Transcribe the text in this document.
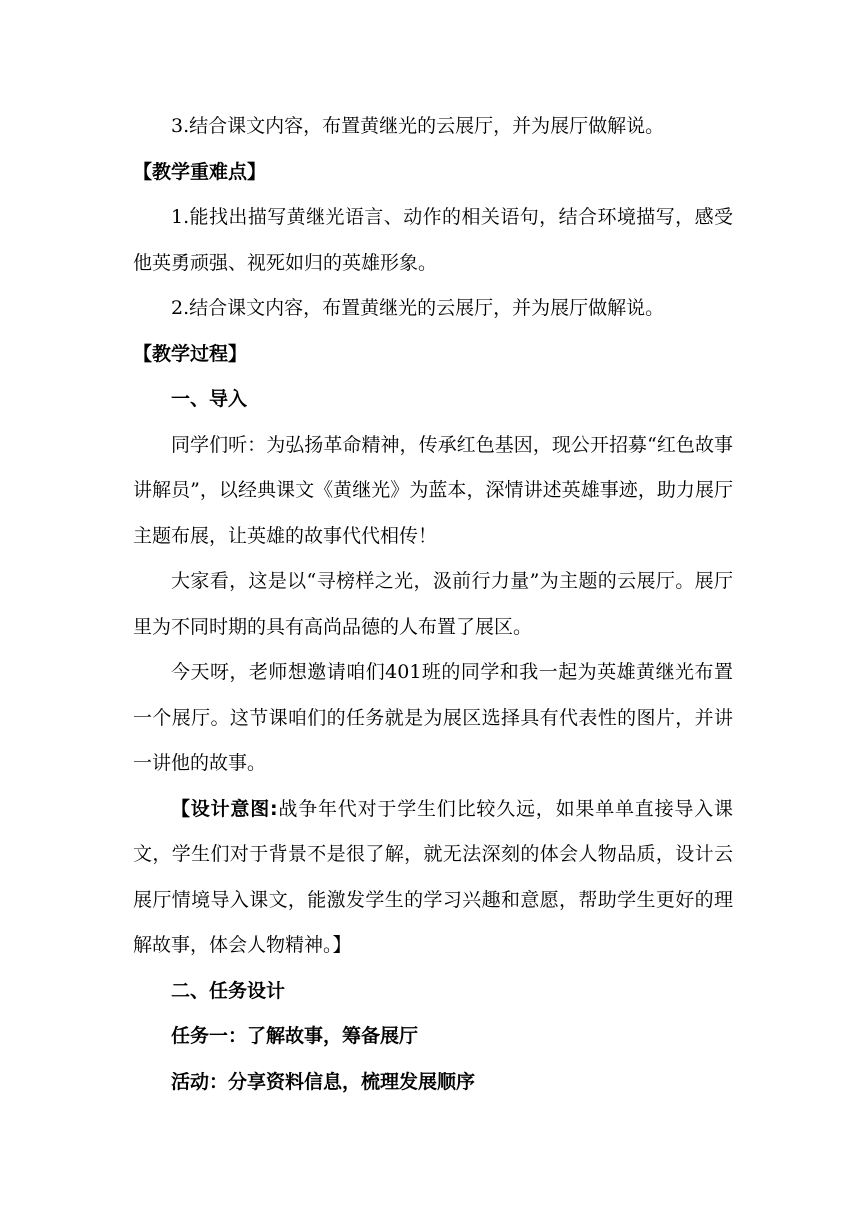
3.结合课文内容，布置黄继光的云展厅，并为展厅做解说。

【教学重难点】

1.能找出描写黄继光语言、动作的相关语句，结合环境描写，感受他英勇顽强、视死如归的英雄形象。

2.结合课文内容，布置黄继光的云展厅，并为展厅做解说。

【教学过程】

一、导入

同学们听：为弘扬革命精神，传承红色基因，现公开招募“红色故事讲解员”，以经典课文《黄继光》为蓝本，深情讲述英雄事迹，助力展厅主题布展，让英雄的故事代代相传！

大家看，这是以“寻榜样之光，汲前行力量”为主题的云展厅。展厅里为不同时期的具有高尚品德的人布置了展区。

今天呀，老师想邀请咱们401班的同学和我一起为英雄黄继光布置一个展厅。这节课咱们的任务就是为展区选择具有代表性的图片，并讲一讲他的故事。

【设计意图:战争年代对于学生们比较久远，如果单单直接导入课文，学生们对于背景不是很了解，就无法深刻的体会人物品质，设计云展厅情境导入课文，能激发学生的学习兴趣和意愿，帮助学生更好的理解故事，体会人物精神。】

二、任务设计

任务一：了解故事，筹备展厅

活动：分享资料信息，梳理发展顺序
